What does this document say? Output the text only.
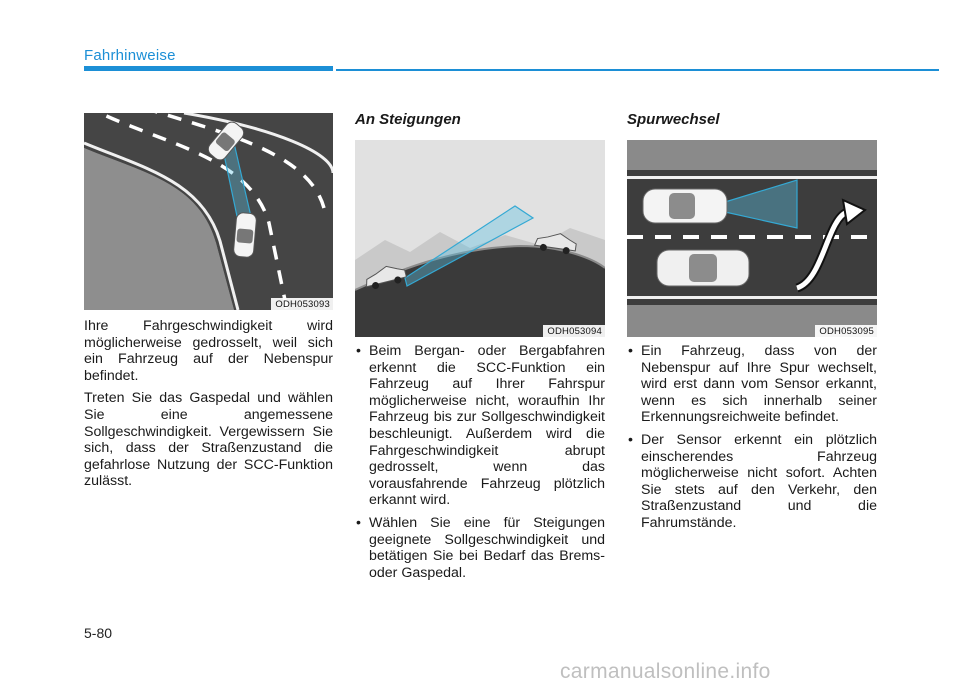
Fahrhinweise
ODH053093

Ihre Fahrgeschwindigkeit wird möglicherweise gedrosselt, weil sich ein Fahrzeug auf der Nebenspur befindet.

Treten Sie das Gaspedal und wählen Sie eine angemessene Sollgeschwindigkeit. Vergewissern Sie sich, dass der Straßenzustand die gefahrlose Nutzung der SCC-Funktion zulässt.

An Steigungen
ODH053094
• Beim Bergan- oder Bergabfahren erkennt die SCC-Funktion ein Fahrzeug auf Ihrer Fahrspur möglicherweise nicht, woraufhin Ihr Fahrzeug bis zur Sollgeschwindigkeit beschleunigt. Außerdem wird die Fahrgeschwindigkeit abrupt gedrosselt, wenn das vorausfahrende Fahrzeug plötzlich erkannt wird.
• Wählen Sie eine für Steigungen geeignete Sollgeschwindigkeit und betätigen Sie bei Bedarf das Brems- oder Gaspedal.
Spurwechsel
ODH053095
• Ein Fahrzeug, dass von der Nebenspur auf Ihre Spur wechselt, wird erst dann vom Sensor erkannt, wenn es sich innerhalb seiner Erkennungsreichweite befindet.
• Der Sensor erkennt ein plötzlich einscherendes Fahrzeug möglicherweise nicht sofort. Achten Sie stets auf den Verkehr, den Straßenzustand und die Fahrumstände.
5-80
carmanualsonline.info
